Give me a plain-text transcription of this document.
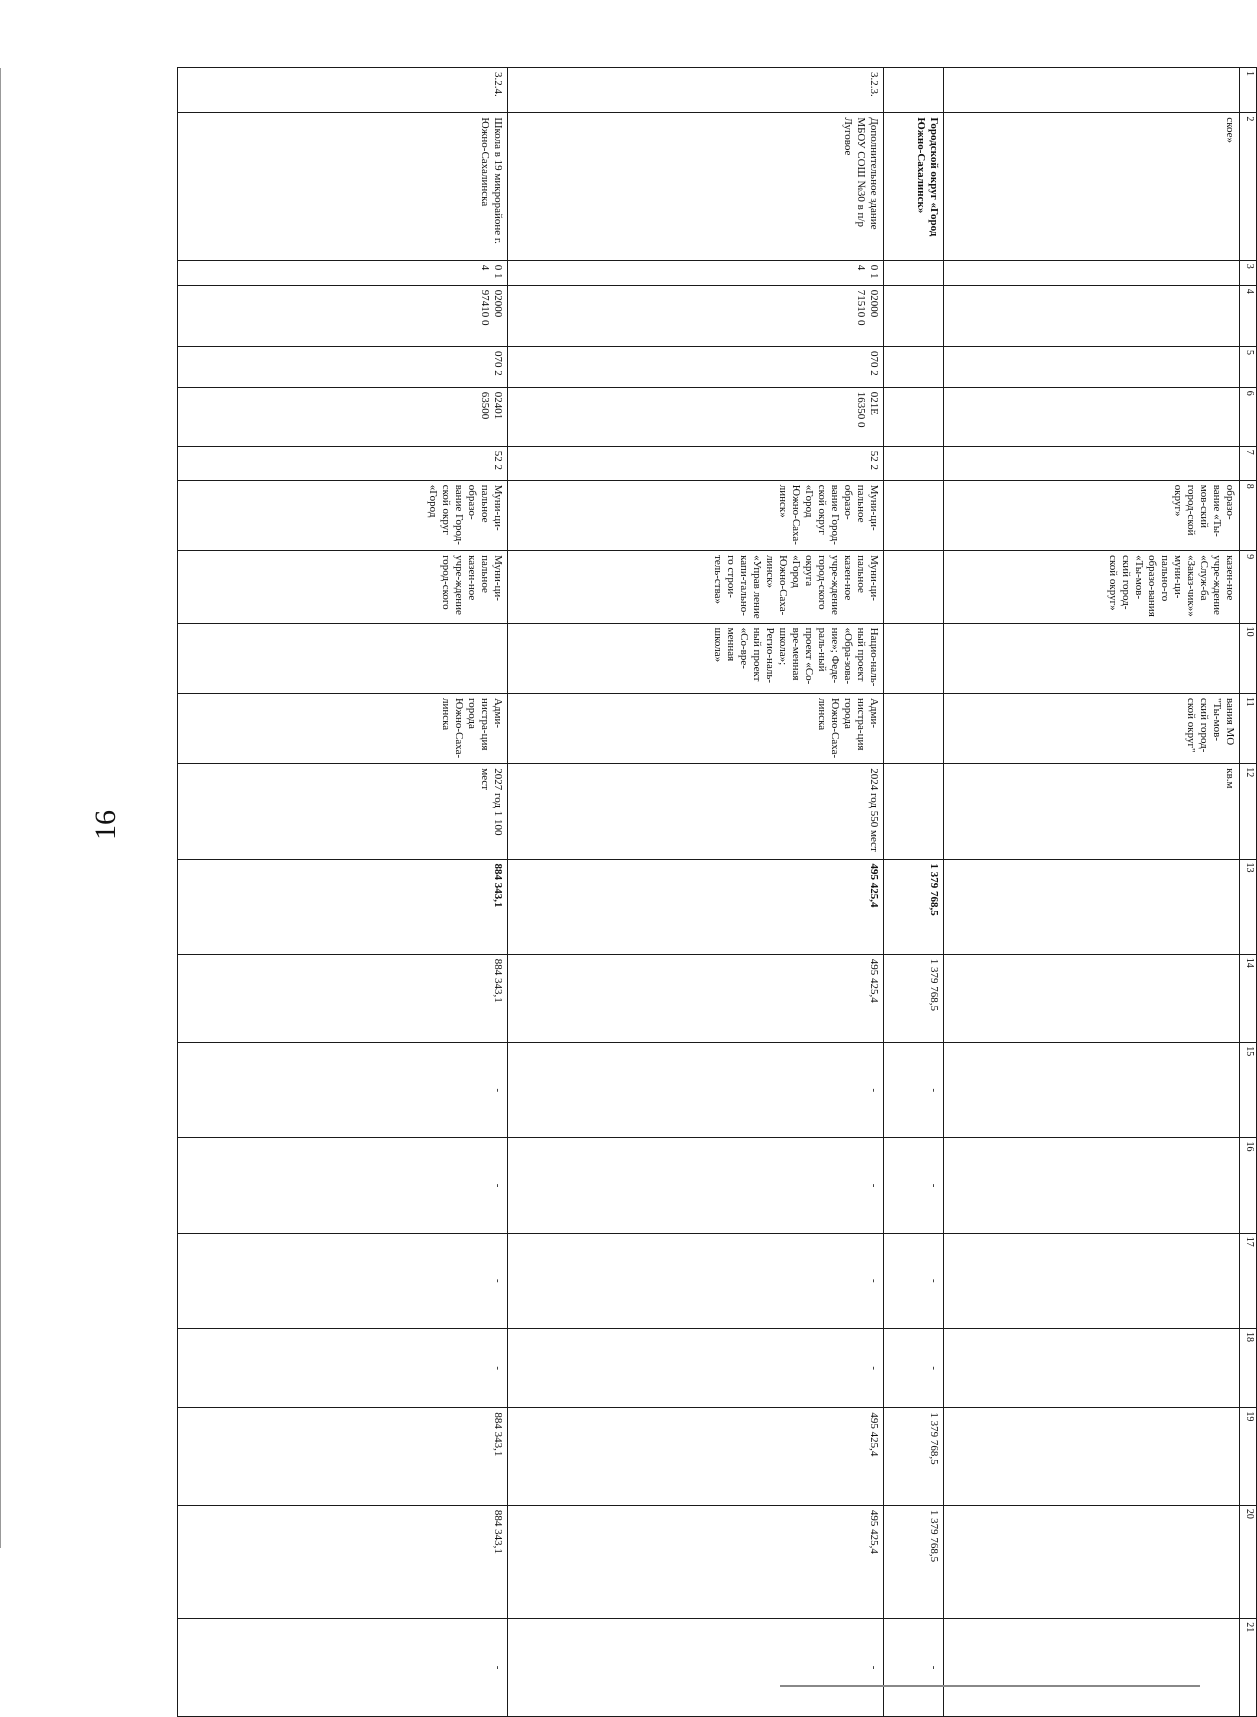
16
1	2	3	4	5	6	7	8	9	10	11	12	13	14	15	16	17	18	19	20	21
	ское»						образо-вание «Ты-мов-ский город-ской округ»	казен-ное учре-ждение «Служ-ба «Заказ-чик»» муни-ци-пально-го образо-вания «Ты-мов-ский город-ской округ»		вания МО "Ты-мов-ский город-ской округ"	кв.м									
	Городской округ «Город Южно-Сахалинск»											1 379 768,5	1 379 768,5	-	-	-	-	1 379 768,5	1 379 768,5	-
3.2.3.	Дополнительное здание МБОУ СОШ №30 в п/р Луговое	0 1 4	02000 71510 0	070 2	021E 16350 0	52 2	Муни-ци-пальное образо-вание Город-ской округ «Город Южно-Саха-линск»	Муни-ци-пальное казен-ное учре-ждение город-ского округа «Город Южно-Саха-линск» «Управ ление капи-тально-го строи-тель-ства»	Нацио-наль-ный проект «Обра-зова-ние»; Феде-раль-ный проект «Со-вре-менная школа»; Регио-наль-ный проект «Со-вре-менная школа»	Адми-нистра-ция города Южно-Саха-линска	2024 год 550 мест	495 425,4	495 425,4	-	-	-	-	495 425,4	495 425,4	-
3.2.4.	Школа в 19 микрорайоне г. Южно-Сахалинска	0 1 4	02000 97410 0	070 2	02401 63500	52 2	Муни-ци-пальное образо-вание Город-ской округ «Город	Муни-ци-пальное казен-ное учре-ждение город-ского		Адми-нистра-ция города Южно-Саха-линска	2027 год 1 100 мест	884 343,1	884 343,1	-	-	-	-	884 343,1	884 343,1	-
